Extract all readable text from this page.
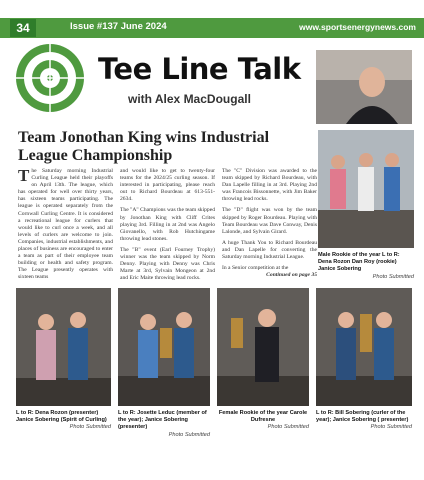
34	Issue #137 June 2024	www.sportsenergynews.com
Tee Line Talk
with Alex MacDougall
Team Jonothan King wins Industrial League Championship

The Saturday morning Industrial Curling League held their playoffs on April 13th. The league, which has operated for well over thirty years, has sixteen teams participating. The league is operated separately from the Cornwall Curling Centre. It is considered a recreational league for curlers that would like to curl once a week, and all levels of curlers are welcome to join. Companies, industrial establishments, and places of business are encouraged to enter a team as part of their employee team building or health and safety program. The League presently operates with sixteen teams

and would like to get to twenty-four teams for the 2024/25 curling season. If interested in participating, please reach out to Richard Bourdeau at 613-551-2634.

The "A" Champions was the team skipped by Jonothan King with Cliff Crites playing 3rd. Filling in at 2nd was Angelo Giovanello, with Rob Hutchingame throwing lead stones.

The "B" event (Earl Fourney Trophy) winner was the team skipped by Norm Denny. Playing with Denny was Chris Marte at 3rd, Sylvain Mongeon at 2nd and Eric Maite throwing lead rocks.

The "C" Division was awarded to the team skipped by Richard Bourdeau, with Dan Lapelle filling in at 3rd. Playing 2nd was Francois Bissonnette, with Jim Baker throwing lead rocks.

The "D" flight was won by the team skipped by Roger Bourdeau. Playing with Team Bourdeau was Dave Conway, Denis Lalonde, and Sylvain Girard.

A huge Thank You to Richard Bourdeau and Dan Lapelle for converting the Saturday morning Industrial League.

In a Senior competition at the

Continued on page 35
Male Rookie of the year L to R: Dena Rozon Dan Roy (rookie) Janice Sobering
Photo Submitted
L to R: Dena Rozon (presenter) Janice Sobering (Spirit of Curling)
Photo Submitted
L to R: Josette Leduc (member of the year); Janice Sobering (presenter)
Photo Submitted
Female Rookie of the year Carole Dufresne
Photo Submitted
L to R: Bill Sobering (curler of the year); Janice Sobering ( presenter)
Photo Submitted
